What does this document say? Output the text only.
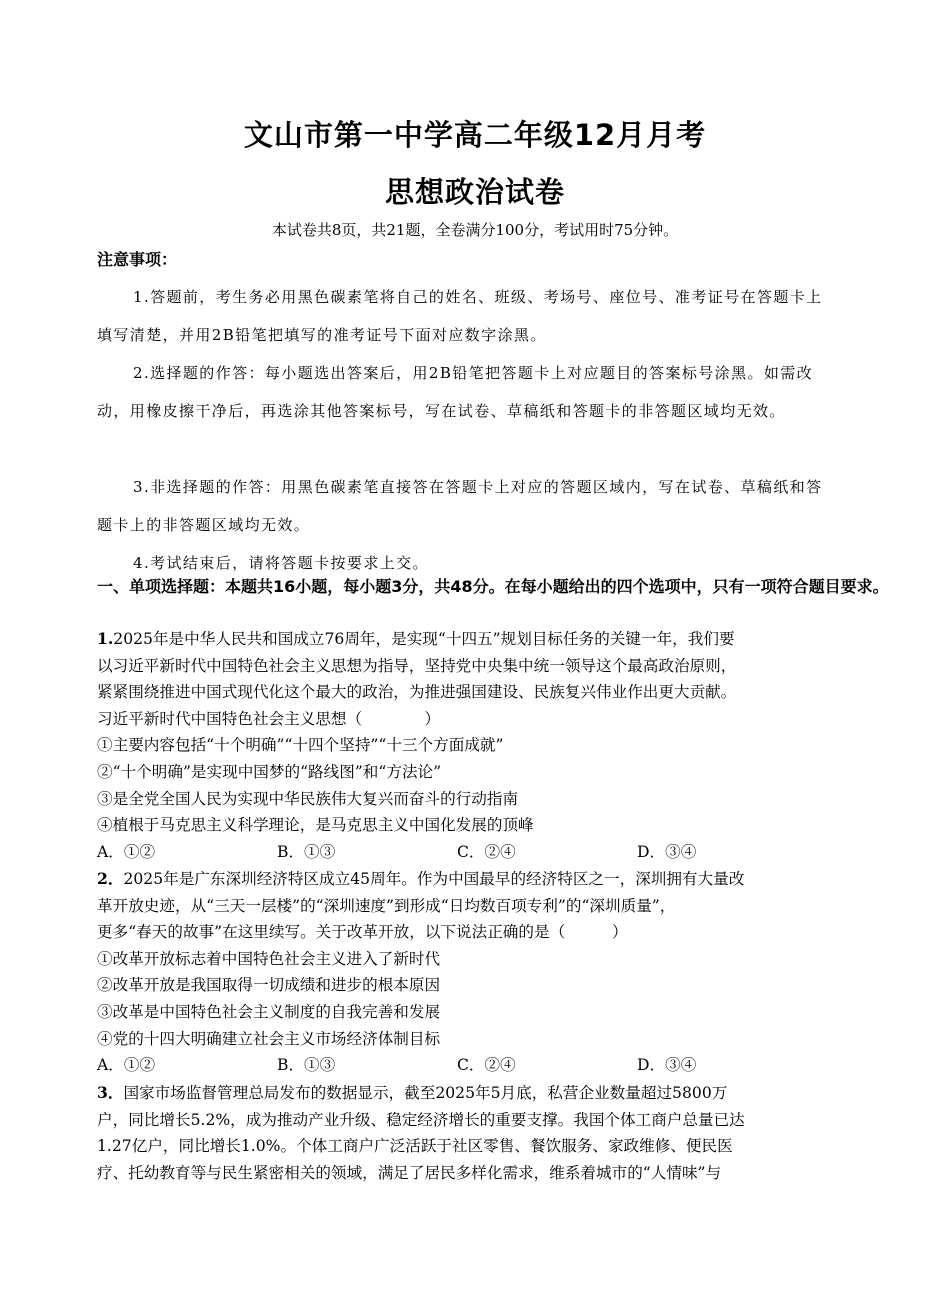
文山市第一中学高二年级12月月考
思想政治试卷
本试卷共8页，共21题，全卷满分100分，考试用时75分钟。
注意事项：
1.答题前，考生务必用黑色碳素笔将自己的姓名、班级、考场号、座位号、准考证号在答题卡上填写清楚，并用2B铅笔把填写的准考证号下面对应数字涂黑。
2.选择题的作答：每小题选出答案后，用2B铅笔把答题卡上对应题目的答案标号涂黑。如需改动，用橡皮擦干净后，再选涂其他答案标号，写在试卷、草稿纸和答题卡的非答题区域均无效。
3.非选择题的作答：用黑色碳素笔直接答在答题卡上对应的答题区域内，写在试卷、草稿纸和答题卡上的非答题区域均无效。
4.考试结束后，请将答题卡按要求上交。
一、单项选择题：本题共16小题，每小题3分，共48分。在每小题给出的四个选项中，只有一项符合题目要求。

1.2025年是中华人民共和国成立76周年，是实现“十四五”规划目标任务的关键一年，我们要

以习近平新时代中国特色社会主义思想为指导，坚持党中央集中统一领导这个最高政治原则，

紧紧围绕推进中国式现代化这个最大的政治，为推进强国建设、民族复兴伟业作出更大贡献。

习近平新时代中国特色社会主义思想（　　　　）

①主要内容包括“十个明确”“十四个坚持”“十三个方面成就”

②“十个明确”是实现中国梦的“路线图”和“方法论”

③是全党全国人民为实现中华民族伟大复兴而奋斗的行动指南

④植根于马克思主义科学理论，是马克思主义中国化发展的顶峰

A．①②	B．①③	C．②④	D．③④

2．2025年是广东深圳经济特区成立45周年。作为中国最早的经济特区之一，深圳拥有大量改

革开放史迹，从“三天一层楼”的“深圳速度”到形成“日均数百项专利”的“深圳质量”，

更多“春天的故事”在这里续写。关于改革开放，以下说法正确的是（　　　）

①改革开放标志着中国特色社会主义进入了新时代

②改革开放是我国取得一切成绩和进步的根本原因

③改革是中国特色社会主义制度的自我完善和发展

④党的十四大明确建立社会主义市场经济体制目标

A．①②	B．①③	C．②④	D．③④

3．国家市场监督管理总局发布的数据显示，截至2025年5月底，私营企业数量超过5800万

户，同比增长5.2%，成为推动产业升级、稳定经济增长的重要支撑。我国个体工商户总量已达

1.27亿户，同比增长1.0%。个体工商户广泛活跃于社区零售、餐饮服务、家政维修、便民医

疗、托幼教育等与民生紧密相关的领域，满足了居民多样化需求，维系着城市的“人情味”与
